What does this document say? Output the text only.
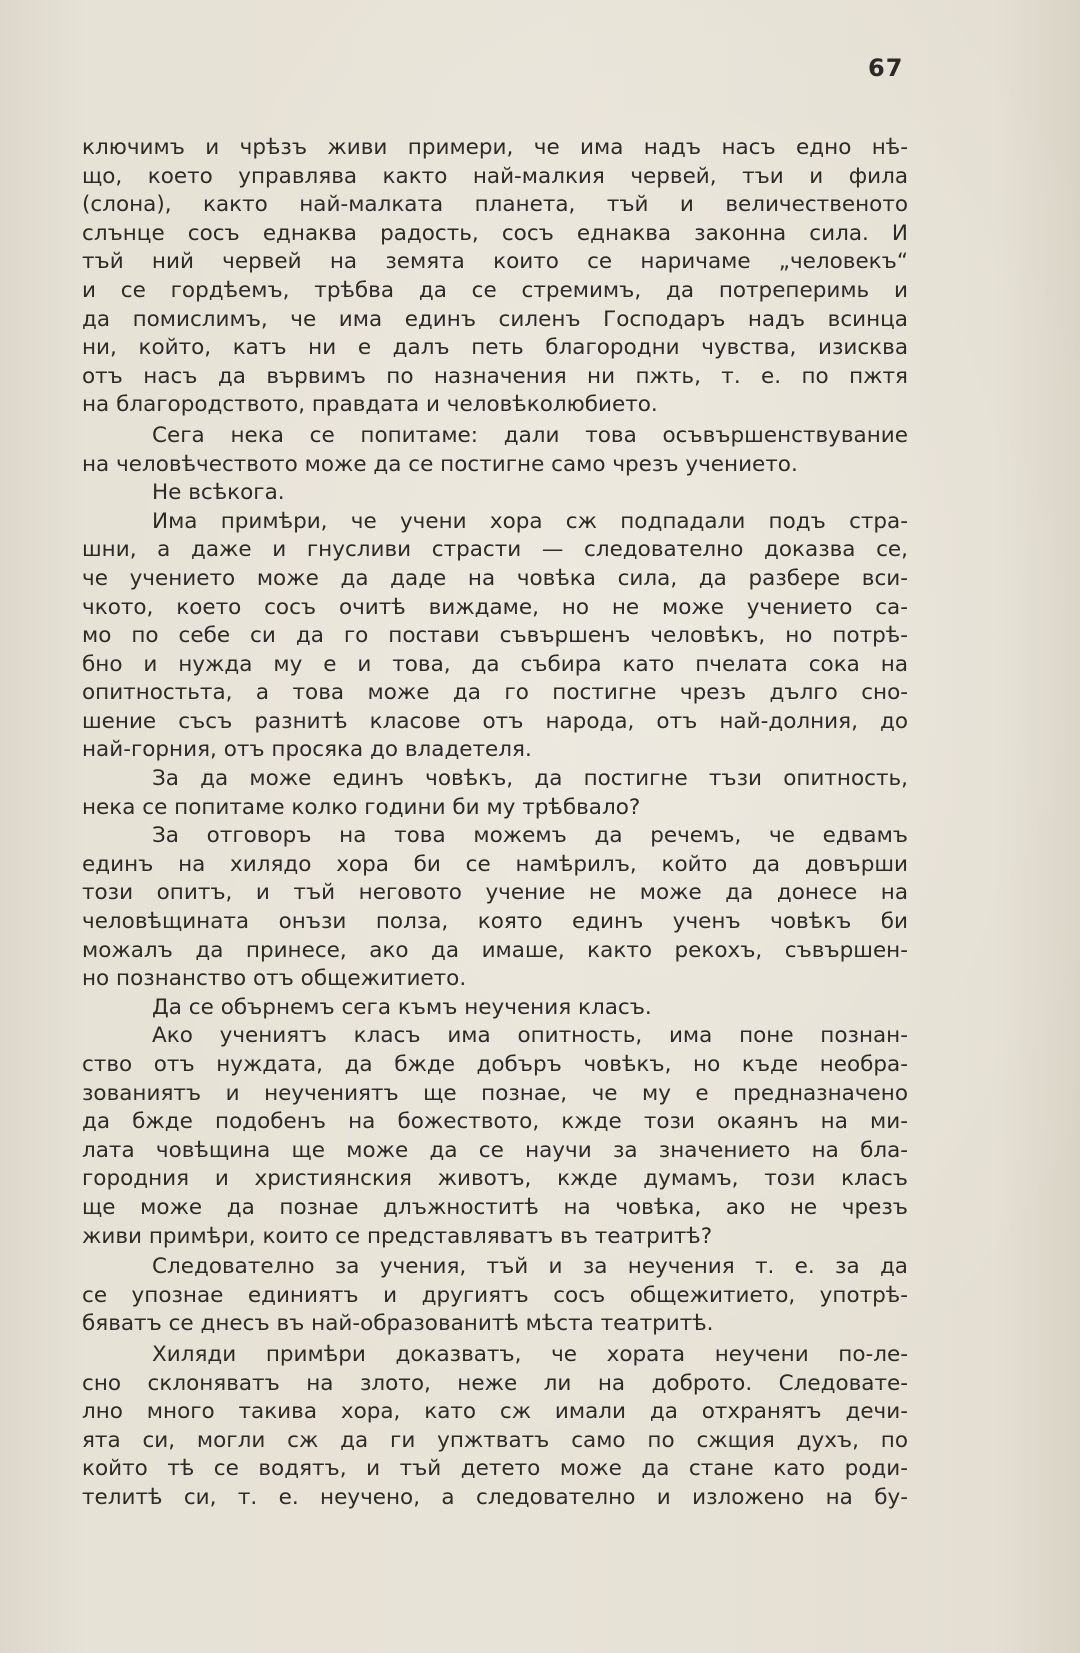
67
ключимъ и чрѣзъ живи примери, че има надъ насъ едно нѣ-
що, което управлява както най-малкия червей, тъи и фила
(слона), както най-малката планета, тъй и величественото
слънце сосъ еднаква радость, сосъ еднаква законна сила. И
тъй ний червей на земята които се наричаме „человекъ“
и се гордѣемъ, трѣбва да се стремимъ, да потреперимь и
да помислимъ, че има единъ силенъ Господаръ надъ всинца
ни, който, катъ ни е далъ петь благородни чувства, изисква
отъ насъ да вървимъ по назначения ни пжть, т. е. по пжтя
на благородството, правдата и человѣколюбието.
Сега нека се попитаме: дали това осъвършенствувание
на человѣчеството може да се постигне само чрезъ учението.
Не всѣкога.
Има примѣри, че учени хора сж подпадали подъ стра-
шни, а даже и гнусливи страсти — следователно доказва се,
че учението може да даде на човѣка сила, да разбере вси-
чкото, което сосъ очитѣ виждаме, но не може учението са-
мо по себе си да го постави съвършенъ человѣкъ, но потрѣ-
бно и нужда му е и това, да събира като пчелата сока на
опитностьта, а това може да го постигне чрезъ дълго сно-
шение съсъ разнитѣ класове отъ народа, отъ най-долния, до
най-горния, отъ просяка до владетеля.
За да може единъ човѣкъ, да постигне тъзи опитность,
нека се попитаме колко години би му трѣбвало?
За отговоръ на това можемъ да речемъ, че едвамъ
единъ на хилядо хора би се намѣрилъ, който да довърши
този опитъ, и тъй неговото учение не може да донесе на
человѣщината онъзи полза, която единъ ученъ човѣкъ би
можалъ да принесе, ако да имаше, както рекохъ, съвършен-
но познанство отъ общежитието.
Да се обърнемъ сега къмъ неучения класъ.
Ако учениятъ класъ има опитность, има поне познан-
ство отъ нуждата, да бжде добъръ човѣкъ, но къде необра-
зованиятъ и неучениятъ ще познае, че му е предназначено
да бжде подобенъ на божеството, кжде този окаянъ на ми-
лата човѣщина ще може да се научи за значението на бла-
городния и християнския животъ, кжде думамъ, този класъ
ще може да познае длъжноститѣ на човѣка, ако не чрезъ
живи примѣри, които се представляватъ въ театритѣ?
Следователно за учения, тъй и за неучения т. е. за да
се упознае единиятъ и другиятъ сосъ общежитието, употрѣ-
бяватъ се днесъ въ най-образованитѣ мѣста театритѣ.
Хиляди примѣри доказватъ, че хората неучени по-ле-
сно склоняватъ на злото, неже ли на доброто. Следовате-
лно много такива хора, като сж имали да отхранятъ дечи-
ята си, могли сж да ги упжтватъ само по сжщия духъ, по
който тѣ се водятъ, и тъй детето може да стане като роди-
телитѣ си, т. е. неучено, а следователно и изложено на бу-
